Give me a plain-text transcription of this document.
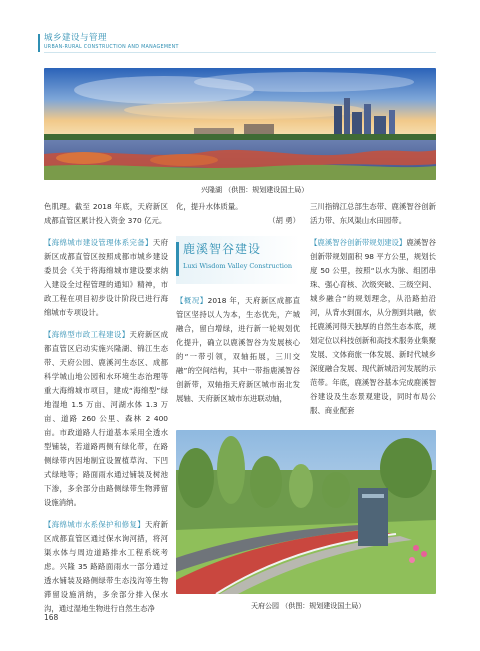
城乡建设与管理
URBAN-RURAL CONSTRUCTION AND MANAGEMENT
兴隆湖 （供图：规划建设国土局）

色肌理。截至 2018 年底，天府新区成都直管区累计投入资金 370 亿元。

【海绵城市建设管理体系完备】天府新区成都直管区按照成都市城乡建设委员会《关于将海绵城市建设要求纳入建设全过程管理的通知》精神，市政工程在项目初步设计阶段已进行海绵城市专项设计。

【海绵型市政工程建设】天府新区成都直管区启动实施兴隆湖、锦江生态带、天府公园、鹿溪河生态区、成都科学城山地公园和水环境生态治理等重大海绵城市项目，建成“海绵型”绿地湿地 1.5 万亩、河湖水体 1.3 万亩、道路 260 公里、森林 2 400 亩。市政道路人行道基本采用全透水型铺装，若道路两侧有绿化带，在路侧绿带内因地制宜设置植草沟、下凹式绿地等；路面雨水通过铺装及树池下渗，多余部分由路侧绿带生物滞留设施消纳。

【海绵城市水系保护和修复】天府新区成都直管区通过保水询河措，将河渠水体与周边道路排水工程系统考虑。兴隆 35 路路面雨水一部分通过透水铺装及路侧绿带生态浅沟等生物滞留设施消纳，多余部分排入保水沟，通过湿地生物进行自然生态净

化，提升水体质量。

（胡 勇）

鹿溪智谷建设
Luxi Wisdom Valley Construction

【概况】2018 年，天府新区成都直管区坚持以人为本，生态优先，产城融合，留白增绿，进行新一轮规划优化提升，确立以鹿溪智谷为发展核心的“一带引领，双轴拓展，三川交融”的空间结构，其中一带指鹿溪智谷创新带，双轴指天府新区城市南北发展轴、天府新区城市东进联动轴，

三川指锦江总部生态带、鹿溪智谷创新活力带、东风渠山水田园带。

【鹿溪智谷创新带规划建设】鹿溪智谷创新带规划面积 98 平方公里，规划长度 50 公里，按照“以水为脉、组团串珠、强心育核、次级突破、三级空间、城乡融合”的规划理念，从沿路拍沿河，从背水到面水，从分割到共融，依托鹿溪河得天独厚的自然生态本底，规划定位以科技创新和高技术服务业集聚发展、文体商旅一体发展、新时代城乡深度融合发展、现代新城沿河发展的示范带。年底，鹿溪智谷基本完成鹿溪智谷建设及生态景观建设，同时布局公服、商业配套

天府公园 （供图：规划建设国土局）
168
